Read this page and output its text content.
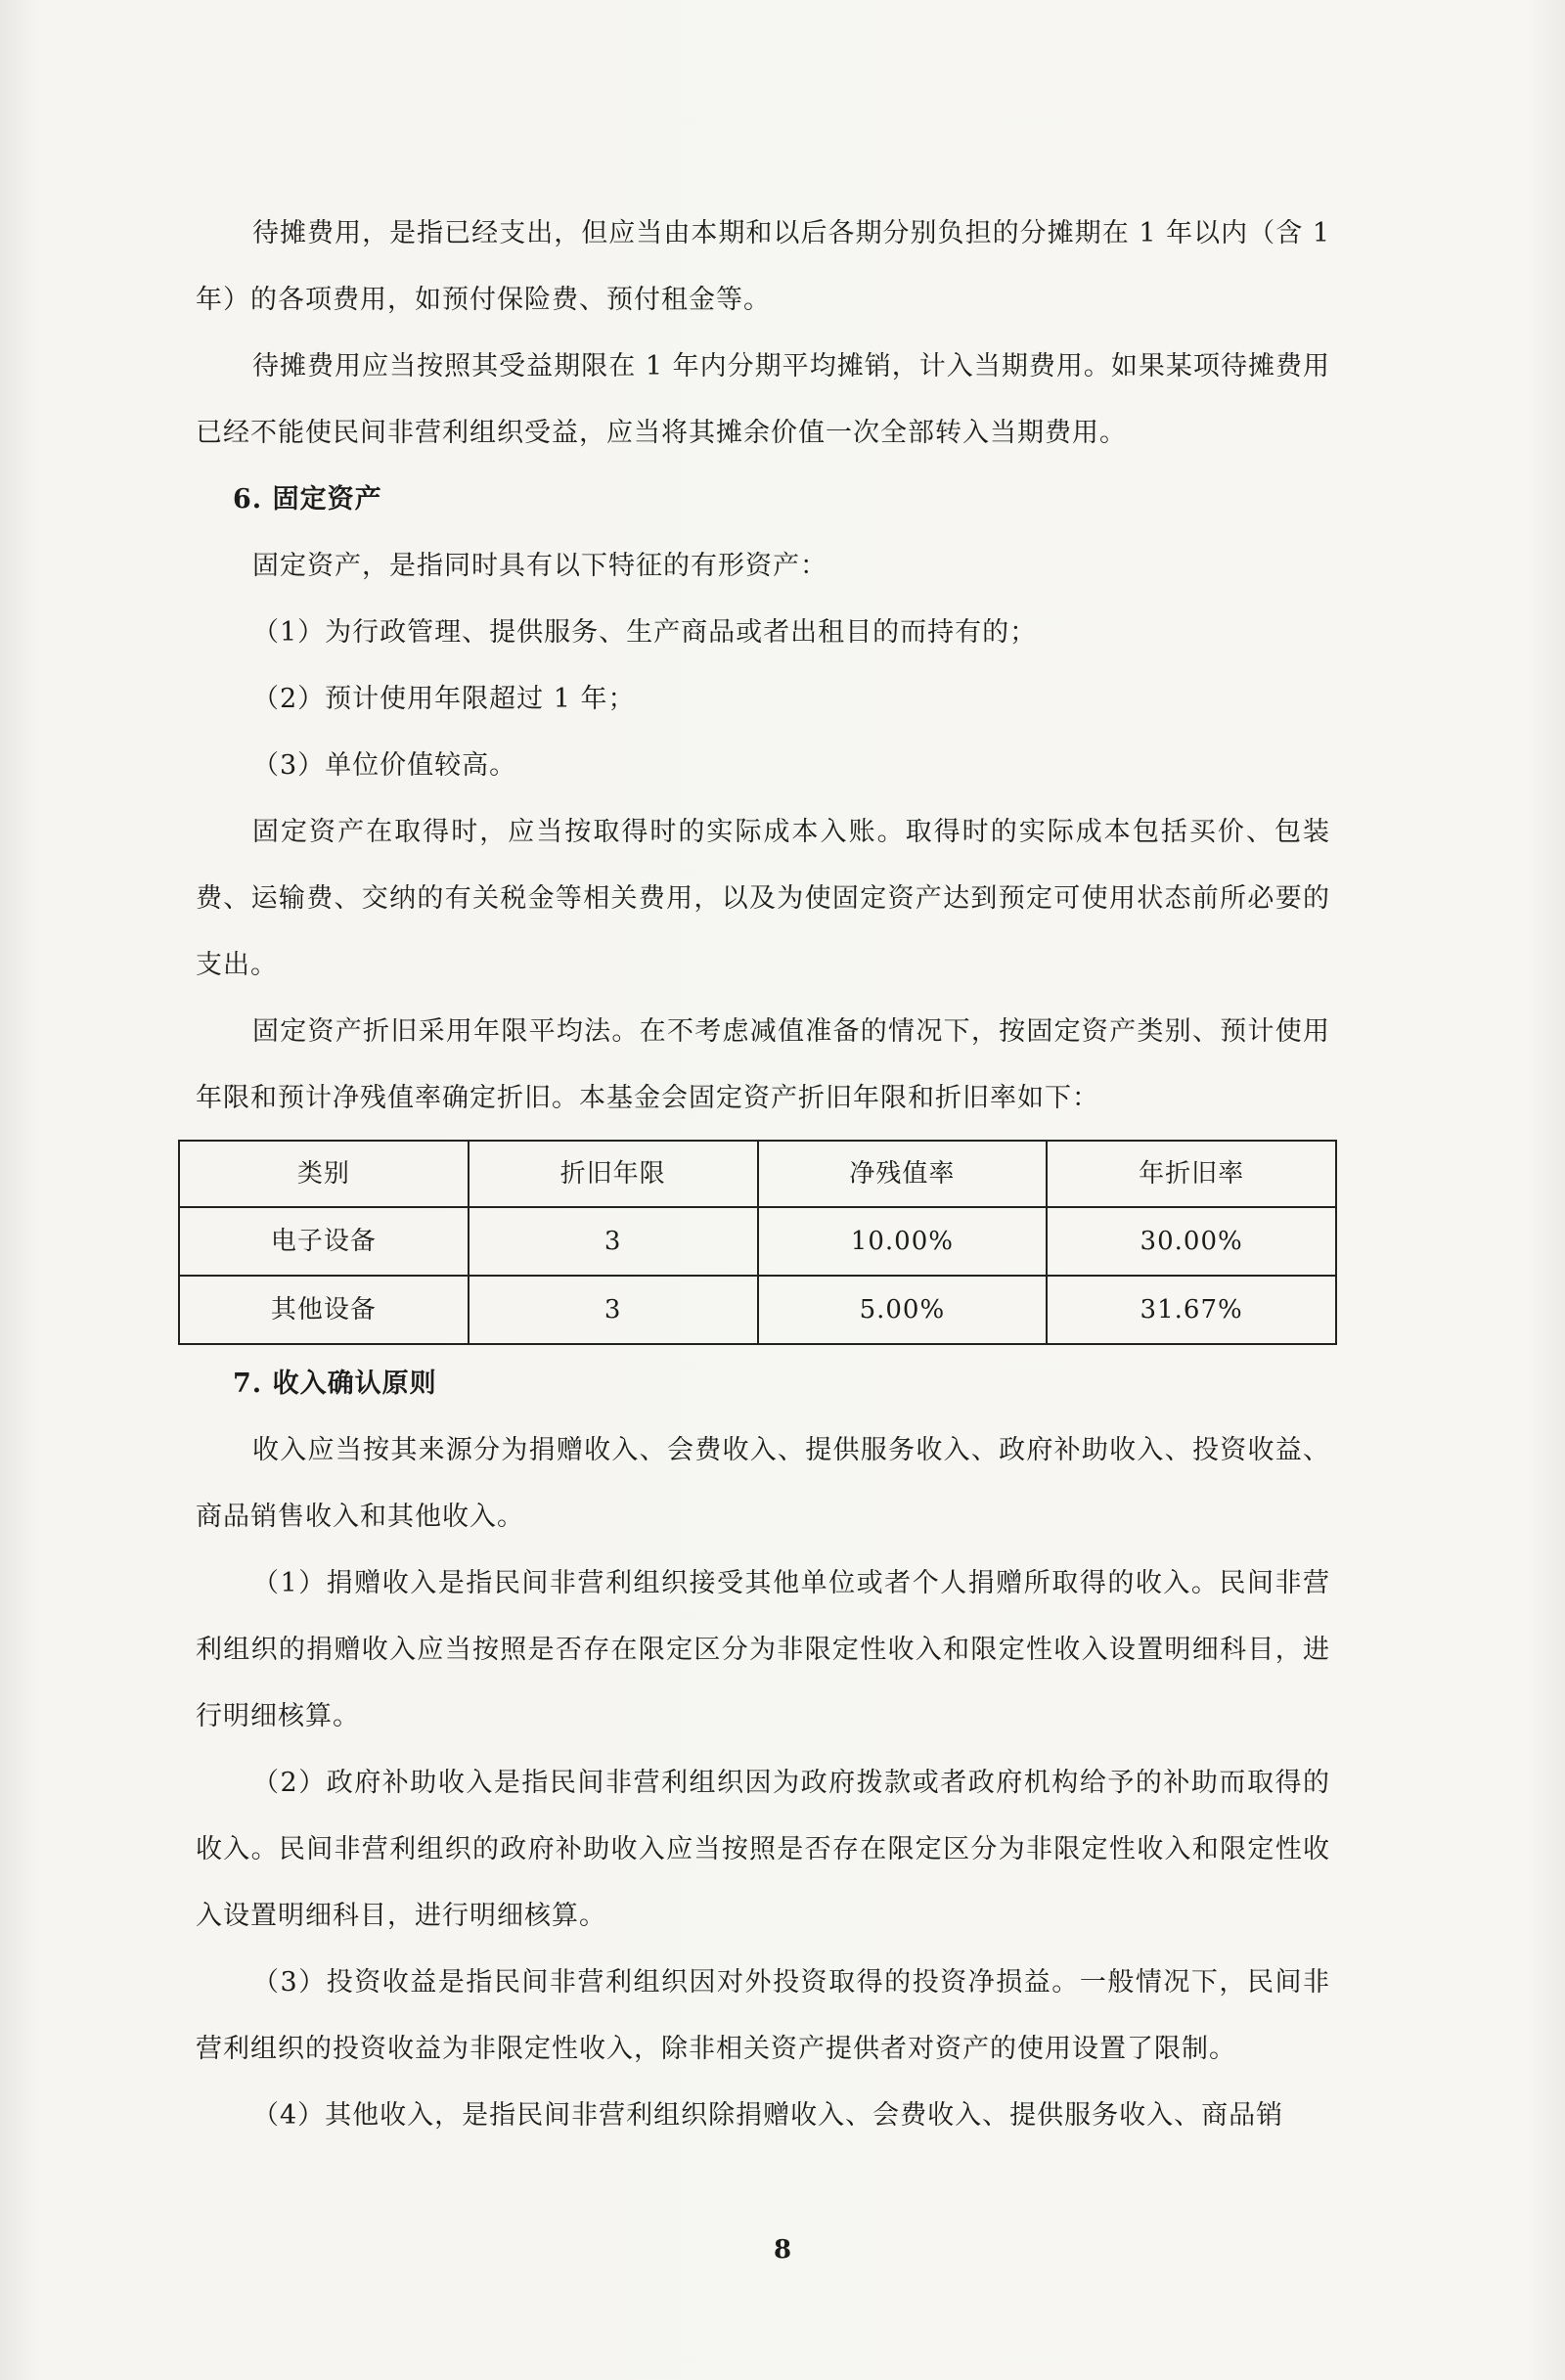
待摊费用，是指已经支出，但应当由本期和以后各期分别负担的分摊期在 1 年以内（含 1 年）的各项费用，如预付保险费、预付租金等。

待摊费用应当按照其受益期限在 1 年内分期平均摊销，计入当期费用。如果某项待摊费用已经不能使民间非营利组织受益，应当将其摊余价值一次全部转入当期费用。

6. 固定资产

固定资产，是指同时具有以下特征的有形资产：

（1）为行政管理、提供服务、生产商品或者出租目的而持有的；

（2）预计使用年限超过 1 年；

（3）单位价值较高。

固定资产在取得时，应当按取得时的实际成本入账。取得时的实际成本包括买价、包装费、运输费、交纳的有关税金等相关费用，以及为使固定资产达到预定可使用状态前所必要的支出。

固定资产折旧采用年限平均法。在不考虑减值准备的情况下，按固定资产类别、预计使用年限和预计净残值率确定折旧。本基金会固定资产折旧年限和折旧率如下：

类别	折旧年限	净残值率	年折旧率
电子设备	3	10.00%	30.00%
其他设备	3	5.00%	31.67%

7. 收入确认原则

收入应当按其来源分为捐赠收入、会费收入、提供服务收入、政府补助收入、投资收益、商品销售收入和其他收入。

（1）捐赠收入是指民间非营利组织接受其他单位或者个人捐赠所取得的收入。民间非营利组织的捐赠收入应当按照是否存在限定区分为非限定性收入和限定性收入设置明细科目，进行明细核算。

（2）政府补助收入是指民间非营利组织因为政府拨款或者政府机构给予的补助而取得的收入。民间非营利组织的政府补助收入应当按照是否存在限定区分为非限定性收入和限定性收入设置明细科目，进行明细核算。

（3）投资收益是指民间非营利组织因对外投资取得的投资净损益。一般情况下，民间非营利组织的投资收益为非限定性收入，除非相关资产提供者对资产的使用设置了限制。

（4）其他收入，是指民间非营利组织除捐赠收入、会费收入、提供服务收入、商品销

8
